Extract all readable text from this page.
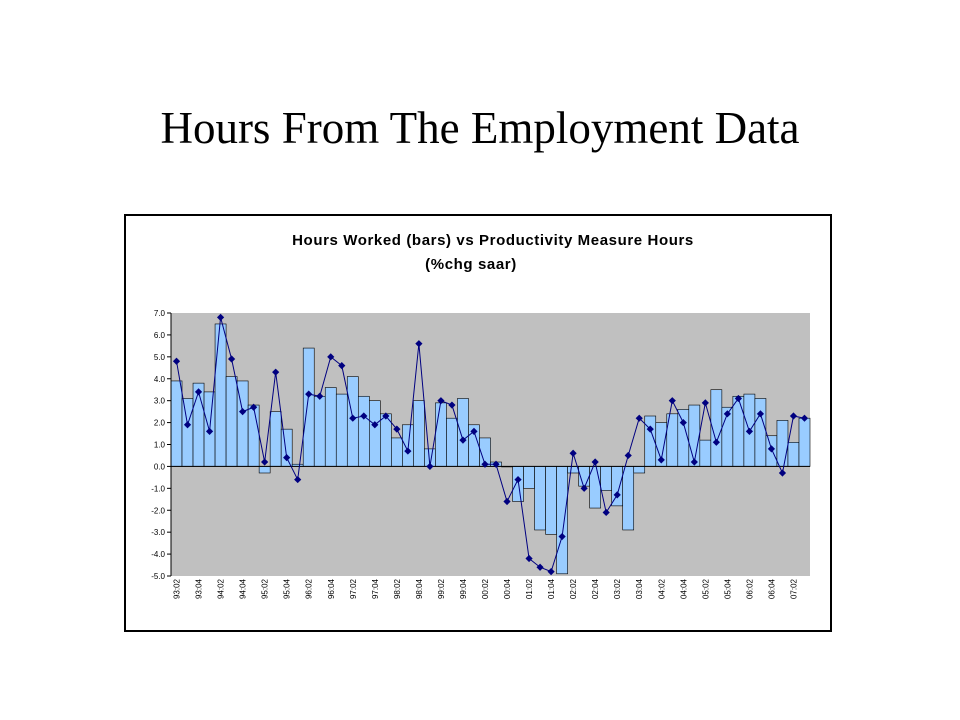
Hours From The Employment Data
Hours Worked (bars) vs Productivity Measure Hours
(%chg saar)
7.0
6.0
5.0
4.0
3.0
2.0
1.0
0.0
-1.0
-2.0
-3.0
-4.0
-5.0
93:02 93:04 94:02 94:04 95:02 95:04 96:02 96:04 97:02 97:04 98:02 98:04 99:02 99:04 00:02 00:04 01:02 01:04 02:02 02:04 03:02 03:04 04:02 04:04 05:02 05:04 06:02 06:04 07:02
